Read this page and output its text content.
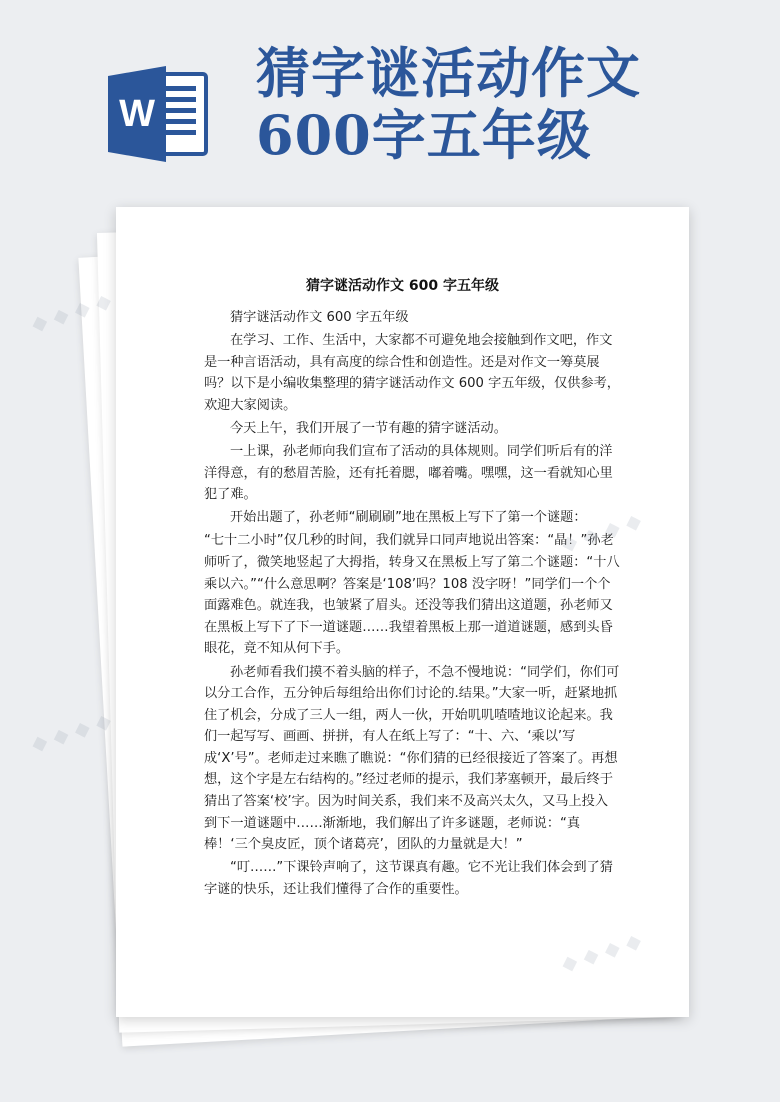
W
猜字谜活动作文600字五年级
猜字谜活动作文 600 字五年级

猜字谜活动作文 600 字五年级

在学习、工作、生活中，大家都不可避免地会接触到作文吧，作文是一种言语活动，具有高度的综合性和创造性。还是对作文一筹莫展吗？以下是小编收集整理的猜字谜活动作文 600 字五年级，仅供参考，欢迎大家阅读。

今天上午，我们开展了一节有趣的猜字谜活动。

一上课，孙老师向我们宣布了活动的具体规则。同学们听后有的洋洋得意，有的愁眉苦脸，还有托着腮，嘟着嘴。嘿嘿，这一看就知心里犯了难。

开始出题了，孙老师“刷刷刷”地在黑板上写下了第一个谜题：

“七十二小时”仅几秒的时间，我们就异口同声地说出答案：“晶！”孙老师听了，微笑地竖起了大拇指，转身又在黑板上写了第二个谜题：“十八乘以六。”“什么意思啊？答案是‘108’吗？108 没字呀！”同学们一个个面露难色。就连我，也皱紧了眉头。还没等我们猜出这道题，孙老师又在黑板上写下了下一道谜题……我望着黑板上那一道道谜题，感到头昏眼花，竟不知从何下手。

孙老师看我们摸不着头脑的样子，不急不慢地说：“同学们，你们可以分工合作，五分钟后每组给出你们讨论的.结果。”大家一听，赶紧地抓住了机会，分成了三人一组，两人一伙，开始叽叽喳喳地议论起来。我们一起写写、画画、拼拼，有人在纸上写了：“十、六、‘乘以’写成‘X’号”。老师走过来瞧了瞧说：“你们猜的已经很接近了答案了。再想想，这个字是左右结构的。”经过老师的提示，我们茅塞顿开，最后终于猜出了答案‘校’字。因为时间关系，我们来不及高兴太久，又马上投入到下一道谜题中……渐渐地，我们解出了许多谜题，老师说：“真棒！‘三个臭皮匠，顶个诸葛亮’，团队的力量就是大！”

“叮……”下课铃声响了，这节课真有趣。它不光让我们体会到了猜字谜的快乐，还让我们懂得了合作的重要性。

◆ ◆ ◆ ◆
◆ ◆ ◆ ◆
